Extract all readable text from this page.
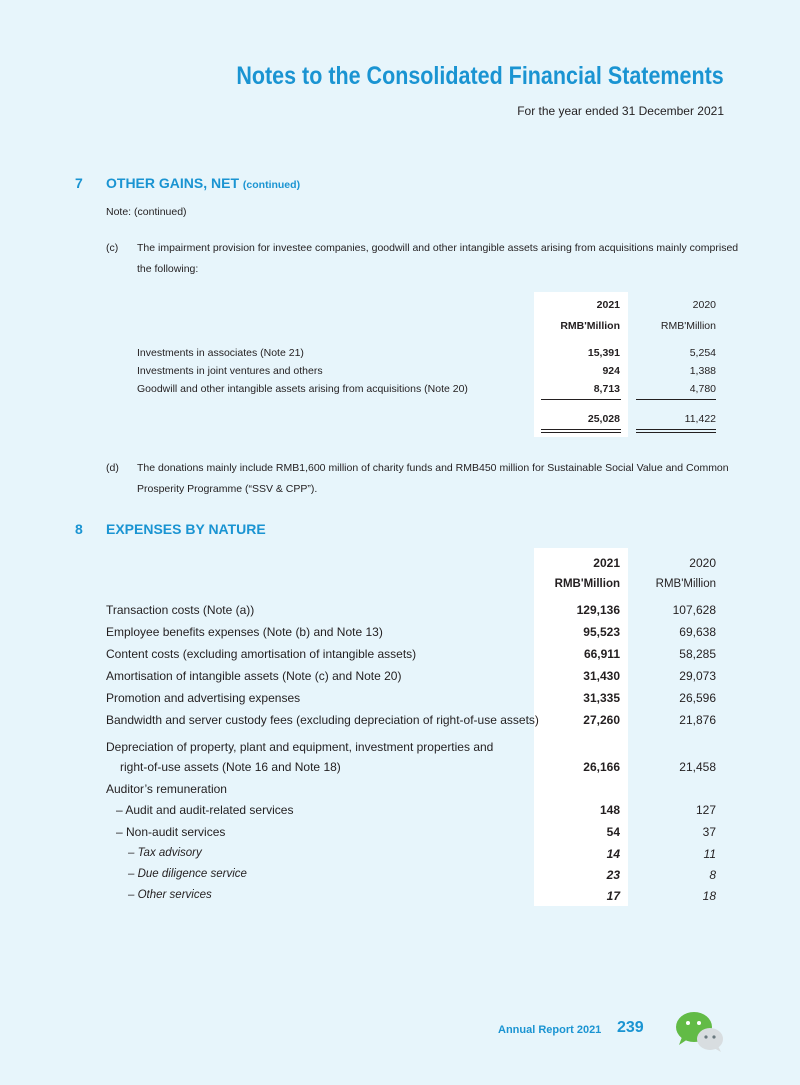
Notes to the Consolidated Financial Statements
For the year ended 31 December 2021
7 OTHER GAINS, NET (continued)
Note: (continued)
(c) The impairment provision for investee companies, goodwill and other intangible assets arising from acquisitions mainly comprised
the following:
2021	2020
RMB'Million	RMB'Million
Investments in associates (Note 21)	15,391	5,254
Investments in joint ventures and others	924	1,388
Goodwill and other intangible assets arising from acquisitions (Note 20)	8,713	4,780
25,028	11,422
(d) The donations mainly include RMB1,600 million of charity funds and RMB450 million for Sustainable Social Value and Common
Prosperity Programme (“SSV & CPP”).
8 EXPENSES BY NATURE
2021	2020
RMB'Million	RMB'Million
Transaction costs (Note (a))	129,136	107,628
Employee benefits expenses (Note (b) and Note 13)	95,523	69,638
Content costs (excluding amortisation of intangible assets)	66,911	58,285
Amortisation of intangible assets (Note (c) and Note 20)	31,430	29,073
Promotion and advertising expenses	31,335	26,596
Bandwidth and server custody fees (excluding depreciation of right-of-use assets)	27,260	21,876
Depreciation of property, plant and equipment, investment properties and
right-of-use assets (Note 16 and Note 18)	26,166	21,458
Auditor’s remuneration
– Audit and audit-related services	148	127
– Non-audit services	54	37
– Tax advisory	14	11
– Due diligence service	23	8
– Other services	17	18
Annual Report 2021 239
